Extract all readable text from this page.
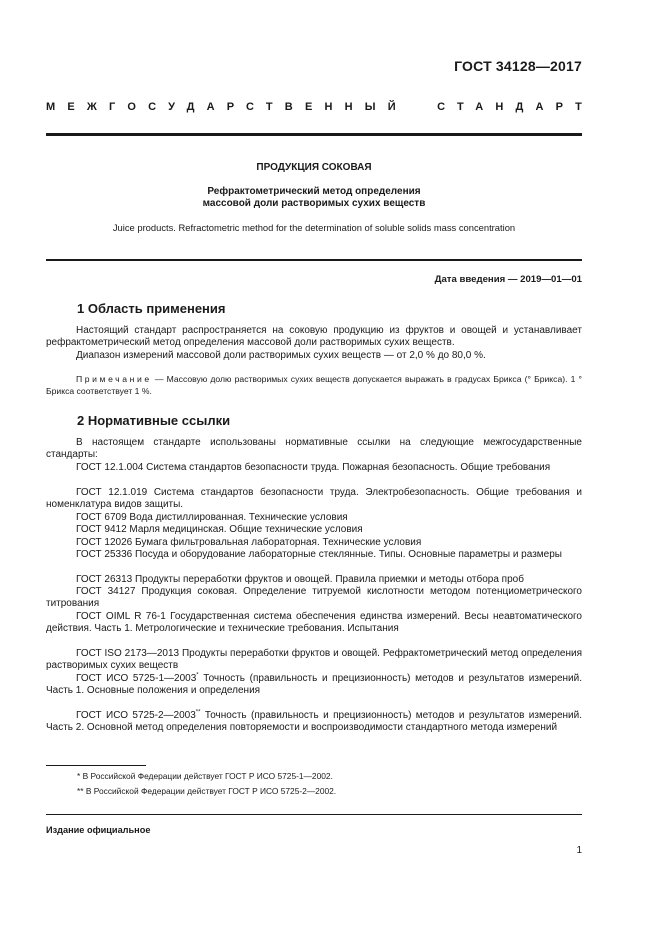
ГОСТ 34128—2017
МЕЖГОСУДАРСТВЕННЫЙ	СТАНДАРТ
ПРОДУКЦИЯ СОКОВАЯ
Рефрактометрический метод определения
массовой доли растворимых сухих веществ
Juice products. Refractometric method for the determination of soluble solids mass concentration
Дата введения — 2019—01—01
1 Область применения

Настоящий стандарт распространяется на соковую продукцию из фруктов и овощей и устанавливает рефрактометрический метод определения массовой доли растворимых сухих веществ.

Диапазон измерений массовой доли растворимых сухих веществ — от 2,0 % до 80,0 %.

Примечание — Массовую долю растворимых сухих веществ допускается выражать в градусах Брикса (° Брикса). 1 ° Брикса соответствует 1 %.

2 Нормативные ссылки

В настоящем стандарте использованы нормативные ссылки на следующие межгосударственные стандарты:

ГОСТ 12.1.004 Система стандартов безопасности труда. Пожарная безопасность. Общие требования

ГОСТ 12.1.019 Система стандартов безопасности труда. Электробезопасность. Общие требования и номенклатура видов защиты.

ГОСТ 6709 Вода дистиллированная. Технические условия

ГОСТ 9412 Марля медицинская. Общие технические условия

ГОСТ 12026 Бумага фильтровальная лабораторная. Технические условия

ГОСТ 25336 Посуда и оборудование лабораторные стеклянные. Типы. Основные параметры и размеры

ГОСТ 26313 Продукты переработки фруктов и овощей. Правила приемки и методы отбора проб

ГОСТ 34127 Продукция соковая. Определение титруемой кислотности методом потенциометрического титрования

ГОСТ OIML R 76-1 Государственная система обеспечения единства измерений. Весы неавтоматического действия. Часть 1. Метрологические и технические требования. Испытания

ГОСТ ISO 2173—2013 Продукты переработки фруктов и овощей. Рефрактометрический метод определения растворимых сухих веществ

ГОСТ ИСО 5725-1—2003* Точность (правильность и прецизионность) методов и результатов измерений. Часть 1. Основные положения и определения

ГОСТ ИСО 5725-2—2003** Точность (правильность и прецизионность) методов и результатов измерений. Часть 2. Основной метод определения повторяемости и воспроизводимости стандартного метода измерений

* В Российской Федерации действует ГОСТ Р ИСО 5725-1—2002.
** В Российской Федерации действует ГОСТ Р ИСО 5725-2—2002.
Издание официальное
1
